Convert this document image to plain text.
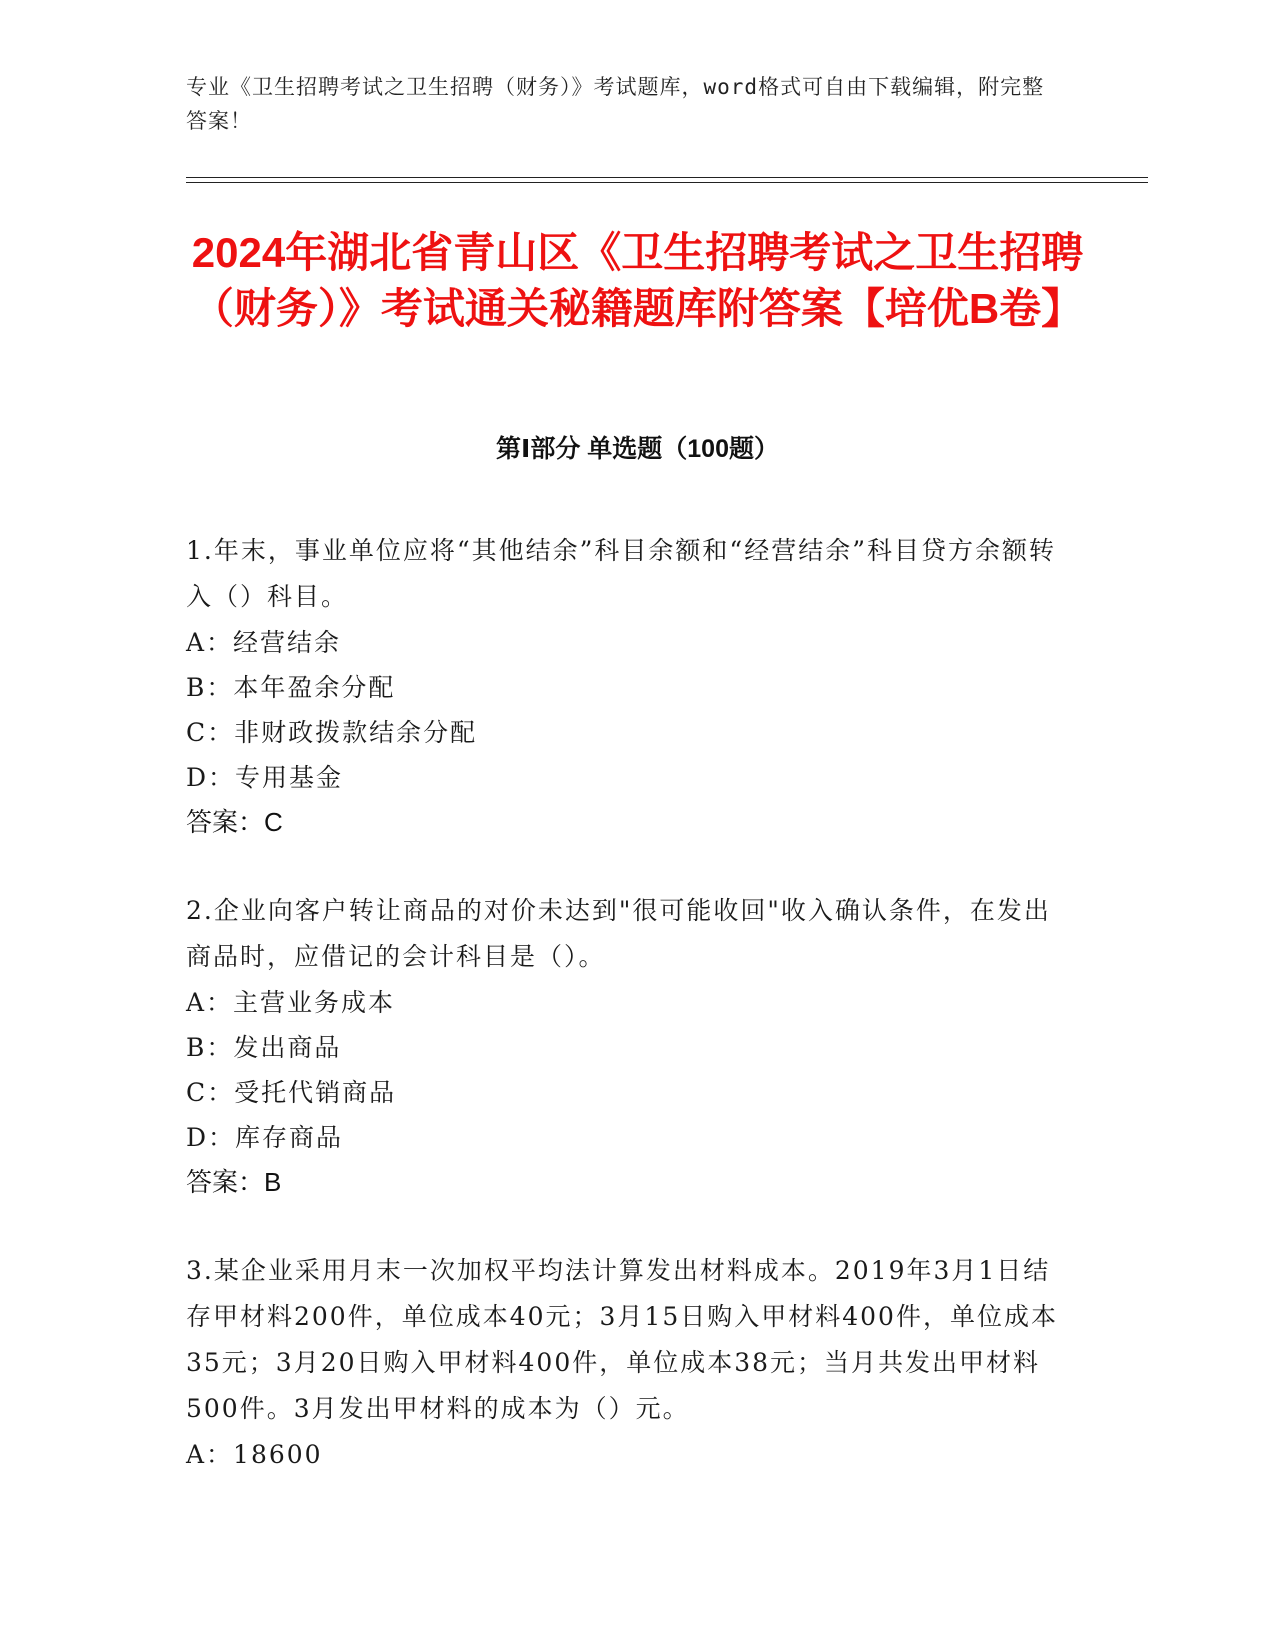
专业《卫生招聘考试之卫生招聘（财务）》考试题库，word格式可自由下载编辑，附完整答案！

2024年湖北省青山区《卫生招聘考试之卫生招聘（财务）》考试通关秘籍题库附答案【培优B卷】
第Ⅰ部分 单选题（100题）

1.年末，事业单位应将“其他结余”科目余额和“经营结余”科目贷方余额转入（）科目。

A：经营结余

B：本年盈余分配

C：非财政拨款结余分配

D：专用基金

答案：C

2.企业向客户转让商品的对价未达到"很可能收回"收入确认条件，在发出商品时，应借记的会计科目是（）。

A：主营业务成本

B：发出商品

C：受托代销商品

D：库存商品

答案：B

3.某企业采用月末一次加权平均法计算发出材料成本。2019年3月1日结存甲材料200件，单位成本40元；3月15日购入甲材料400件，单位成本35元；3月20日购入甲材料400件，单位成本38元；当月共发出甲材料500件。3月发出甲材料的成本为（）元。

A：18600
